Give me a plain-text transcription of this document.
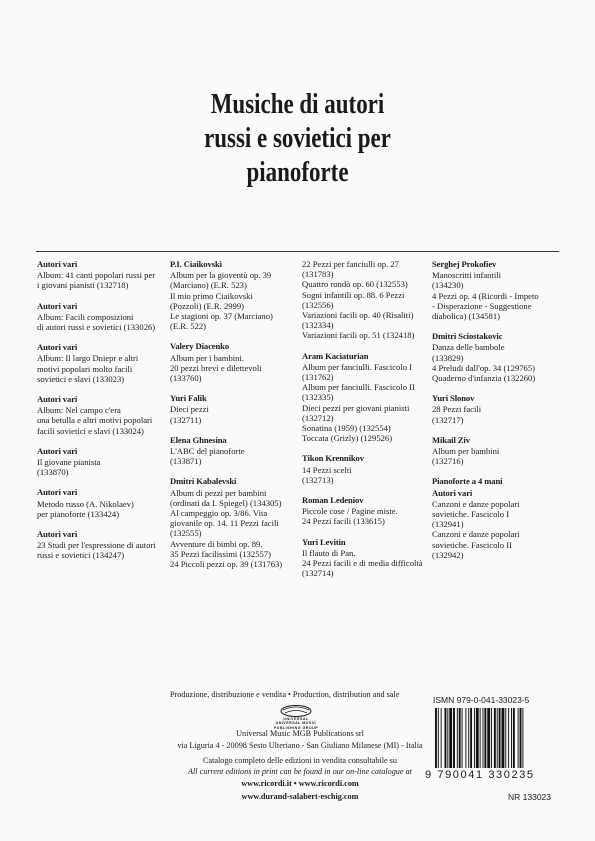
Musiche di autori
russi e sovietici per
pianoforte
Autori vari
Album: 41 canti popolari russi per
i giovani pianisti (132718)
Autori vari
Album: Facili composizioni
di autori russi e sovietici (133026)
Autori vari
Album: Il largo Dniepr e altri
motivi popolari molto facili
sovietici e slavi (133023)
Autori vari
Album: Nel campo c'era
una betulla e altri motivi popolari
facili sovietici e slavi (133024)
Autori vari
Il giovane pianista
(133870)
Autori vari
Metodo russo (A. Nikolaev)
per pianoforte (133424)
Autori vari
23 Studi per l'espressione di autori
russi e sovietici (134247)
P.I. Ciaikovski
Album per la gioventù op. 39
(Marciano) (E.R. 523)
Il mio primo Ciaikovski
(Pozzoli) (E.R. 2999)
Le stagioni op. 37 (Marciano)
(E.R. 522)
Valery Diacenko
Album per i bambini.
20 pezzi brevi e dilettevoli
(133760)
Yuri Falik
Dieci pezzi
(132711)
Elena Ghnesina
L'ABC del pianoforte
(133871)
Dmitri Kabalevski
Album di pezzi per bambini
(ordinati da I. Spiegel) (134305)
Al campeggio op. 3/86. Vita
giovanile op. 14. 11 Pezzi facili
(132555)
Avventure di bimbi op. 89.
35 Pezzi facilissimi (132557)
24 Piccoli pezzi op. 39 (131763)
22 Pezzi per fanciulli op. 27
(131783)
Quattro rondò op. 60 (132553)
Sogni infantili op. 88. 6 Pezzi
(132556)
Variazioni facili op. 40 (Risaliti)
(132334)
Variazioni facili op. 51 (132418)
Aram Kaciaturian
Album per fanciulli. Fascicolo I
(131762)
Album per fanciulli. Fascicolo II
(132335)
Dieci pezzi per giovani pianisti
(132712)
Sonatina (1959) (132554)
Toccata (Grizly) (129526)
Tikon Krennikov
14 Pezzi scelti
(132713)
Roman Ledeniov
Piccole cose / Pagine miste.
24 Pezzi facili (133615)
Yuri Levitin
Il flauto di Pan.
24 Pezzi facili e di media difficoltà
(132714)
Serghej Prokofiev
Manoscritti infantili
(134230)
4 Pezzi op. 4 (Ricordi - Impeto
- Disperazione - Suggestione
diabolica) (134581)
Dmitri Sciostakovic
Danza delle bambole
(133829)
4 Preludi dall'op. 34 (129765)
Quaderno d'infanzia (132260)
Yuri Slonov
28 Pezzi facili
(132717)
Mikail Ziv
Album per bambini
(132716)
Pianoforte a 4 mani
Autori vari
Canzoni e danze popolari
sovietiche. Fascicolo I
(132941)
Canzoni e danze popolari
sovietiche. Fascicolo II
(132942)
Produzione, distribuzione e vendita • Production, distribution and sale
UNIVERSAL
UNIVERSAL MUSIC
PUBLISHING GROUP
Universal Music MGB Publications srl
via Liguria 4 - 20098 Sesto Ulteriano - San Giuliano Milanese (MI) - Italia
Catalogo completo delle edizioni in vendita consultabile su
All current editions in print can be found in our on-line catalogue at
www.ricordi.it • www.ricordi.com
www.durand-salabert-eschig.com
ISMN 979-0-041-33023-5
9 790041 330235
NR 133023
